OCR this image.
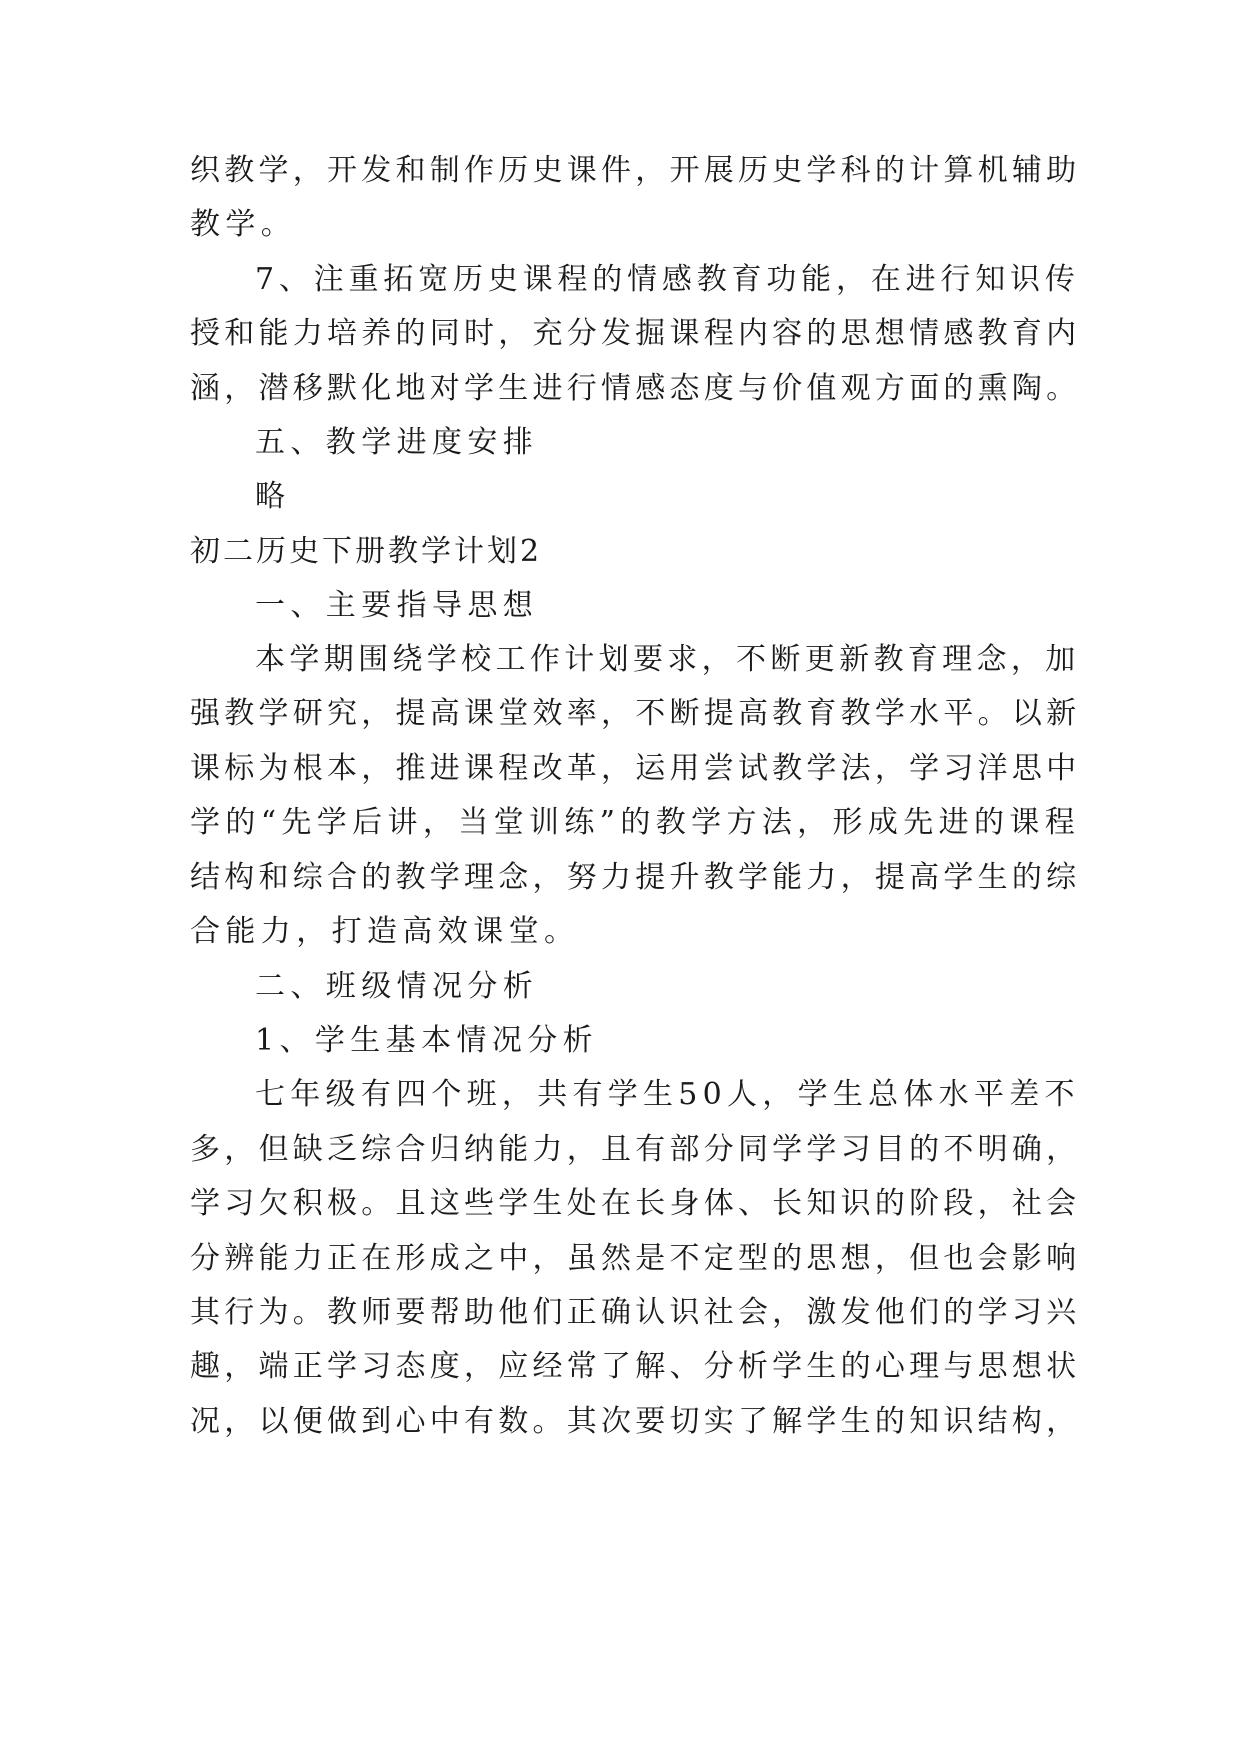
织教学，开发和制作历史课件，开展历史学科的计算机辅助
教学。
7、注重拓宽历史课程的情感教育功能，在进行知识传
授和能力培养的同时，充分发掘课程内容的思想情感教育内
涵，潜移默化地对学生进行情感态度与价值观方面的熏陶。
五、教学进度安排
略
初二历史下册教学计划2
一、主要指导思想
本学期围绕学校工作计划要求，不断更新教育理念，加
强教学研究，提高课堂效率，不断提高教育教学水平。以新
课标为根本，推进课程改革，运用尝试教学法，学习洋思中
学的“先学后讲，当堂训练”的教学方法，形成先进的课程
结构和综合的教学理念，努力提升教学能力，提高学生的综
合能力，打造高效课堂。
二、班级情况分析
1、学生基本情况分析
七年级有四个班，共有学生50人，学生总体水平差不
多，但缺乏综合归纳能力，且有部分同学学习目的不明确，
学习欠积极。且这些学生处在长身体、长知识的阶段，社会
分辨能力正在形成之中，虽然是不定型的思想，但也会影响
其行为。教师要帮助他们正确认识社会，激发他们的学习兴
趣，端正学习态度，应经常了解、分析学生的心理与思想状
况，以便做到心中有数。其次要切实了解学生的知识结构，
